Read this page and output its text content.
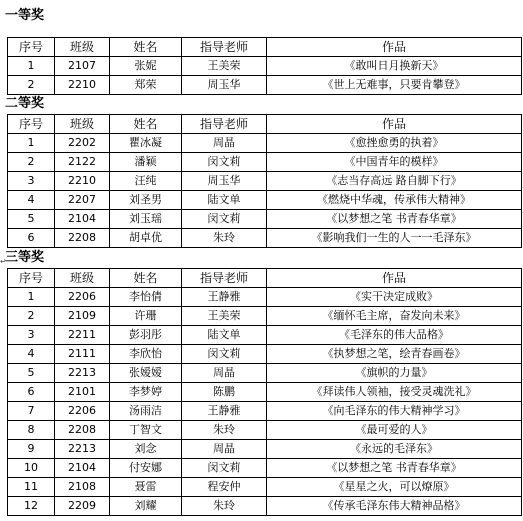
一等奖
序号	班级	姓名	指导老师	作品
1	2107	张妮	王美荣	《敢叫日月换新天》
2	2210	郑荣	周玉华	《世上无难事，只要肯攀登》
↵
二等奖
序号	班级	姓名	指导老师	作品
1	2202	瞿冰凝	周晶	《愈挫愈勇的执着》
2	2122	潘颖	闵文莉	《中国青年的模样》
3	2210	汪纯	周玉华	《志当存高远 路自脚下行》
4	2207	刘圣男	陆文单	《燃烧中华魂，传承伟大精神》
5	2104	刘玉瑶	闵文莉	《以梦想之笔 书青春华章》
6	2208	胡卓优	朱玲	《影响我们一生的人一一毛泽东》
三等奖
序号	班级	姓名	指导老师	作品
1	2206	李怡倩	王静雅	《实干决定成败》
2	2109	许珊	王美荣	《缅怀毛主席，奋发向未来》
3	2211	彭羽彤	陆文单	《毛泽东的伟大品格》
4	2111	李欣怡	闵文莉	《执梦想之笔，绘青春画卷》
5	2213	张嫒嫒	周晶	《旗帜的力量》
6	2101	李梦婷	陈鹏	《拜读伟人领袖，接受灵魂洗礼》
7	2206	汤雨洁	王静雅	《向毛泽东的伟大精神学习》
8	2208	丁智文	朱玲	《最可爱的人》
9	2213	刘念	周晶	《永远的毛泽东》
10	2104	付安娜	闵文莉	《以梦想之笔 书青春华章》
11	2108	聂雷	程安仲	《星星之火，可以燎原》
12	2209	刘耀	朱玲	《传承毛泽东伟大精神品格》
